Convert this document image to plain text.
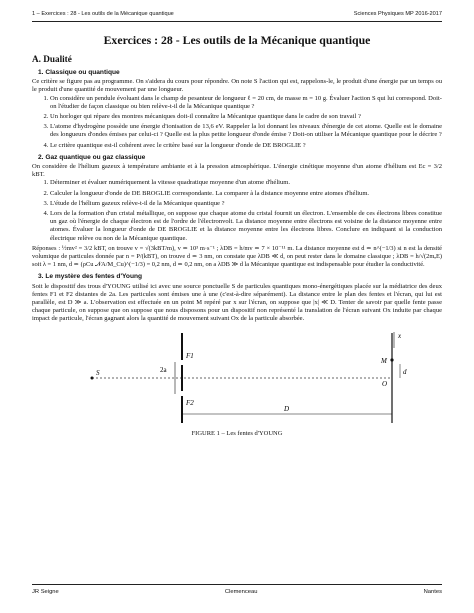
1 – Exercices : 28 - Les outils de la Mécanique quantique	Sciences Physiques MP 2016-2017
Exercices : 28 - Les outils de la Mécanique quantique
A. Dualité
1. Classique ou quantique

Ce critère se figure pas au programme. On s'aidera du cours pour répondre. On note S l'action qui est, rappelons-le, le produit d'une énergie par un temps ou le produit d'une quantité de mouvement par une longueur.

1. On considère un pendule évoluant dans le champ de pesanteur de longueur ℓ = 20 cm, de masse m = 10 g. Évaluer l'action S qui lui correspond. Doit-on l'étudier de façon classique ou bien relève-t-il de la Mécanique quantique ?
2. Un horloger qui répare des montres mécaniques doit-il connaître la Mécanique quantique dans le cadre de son travail ?
3. L'atome d'hydrogène possède une énergie d'ionisation de 13,6 eV. Rappeler la loi donnant les niveaux d'énergie de cet atome. Quelle est le domaine des longueurs d'ondes émises par celui-ci ? Quelle est la plus petite longueur d'onde émise ? Doit-on utiliser la Mécanique quantique pour le décrire ?
4. Le critère quantique est-il cohérent avec le critère basé sur la longueur d'onde de DE BROGLIE ?
2. Gaz quantique ou gaz classique

On considère de l'hélium gazeux à température ambiante et à la pression atmosphérique. L'énergie cinétique moyenne d'un atome d'hélium est Ec = 3/2 kBT.

1. Déterminer et évaluer numériquement la vitesse quadratique moyenne d'un atome d'hélium.
2. Calculer la longueur d'onde de DE BROGLIE correspondante. La comparer à la distance moyenne entre atomes d'hélium.
3. L'étude de l'hélium gazeux relève-t-il de la Mécanique quantique ?
4. Lors de la formation d'un cristal métallique, on suppose que chaque atome du cristal fournit un électron. L'ensemble de ces électrons libres constitue un gaz où l'énergie de chaque électron est de l'ordre de l'électronvolt. La distance moyenne entre électrons est voisine de la distance moyenne entre atomes. Évaluer la longueur d'onde de DE BROGLIE et la distance moyenne entre les électrons libres. Conclure en indiquant si la conduction électrique relève ou non de la Mécanique quantique.

Réponses : ½mv² = 3/2 kBT, on trouve v = √(3kBT/m), v ≃ 10³ m·s⁻¹ ; λDB = h/mv ≃ 7 × 10⁻¹¹ m. La distance moyenne est d ≃ n^(−1/3) si n est la densité volumique de particules donnée par n = P/(kBT), on trouve d ≃ 3 nm, on constate que λDB ≪ d, on peut rester dans le domaine classique ; λDB = h/√(2mₑE) soit λ = 1 nm, d ≃ (ρCu 𝒩A/M_Cu)^(−1/3) = 0,2 nm, d ≃ 0,2 nm, on a λDB ≫ d la Mécanique quantique est indispensable pour étudier la conductivité.

3. Le mystère des fentes d'Young

Soit le dispositif des trous d'YOUNG utilisé ici avec une source ponctuelle S de particules quantiques mono-énergétiques placée sur la médiatrice des deux fentes F1 et F2 distantes de 2a. Les particules sont émises une à une (c'est-à-dire séparément). La distance entre le plan des fentes et l'écran, qui lui est parallèle, est D ≫ a. L'observation est effectuée en un point M repéré par x sur l'écran, on suppose que |x| ≪ D. Tenter de savoir par quelle fente passe chaque particule, on suppose que on suppose que nous disposons pour un dispositif non représenté la translation de l'écran suivant Ox induite par chaque impact de particule, l'écran gagnant alors la quantité de mouvement suivant Ox de la particule absorbée.

S
F1
F2
2a
x
M
O
d
D
FIGURE 1 – Les fentes d'YOUNG
JR Seigne	Clemenceau	Nantes
